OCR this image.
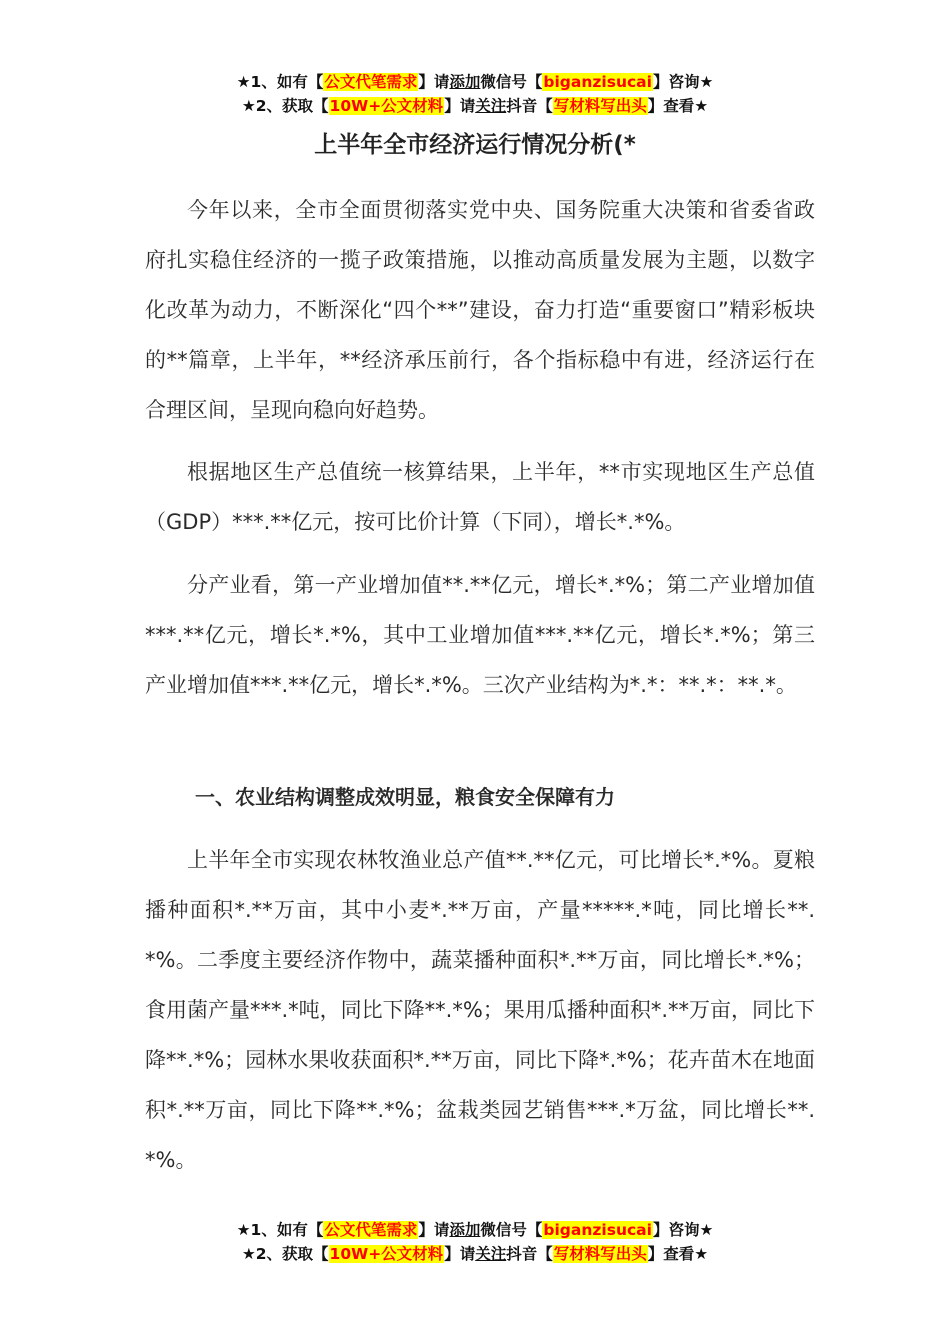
★1、如有【公文代笔需求】请添加微信号【biganzisucai】咨询★
★2、获取【10W+公文材料】请关注抖音【写材料写出头】查看★
上半年全市经济运行情况分析(*

今年以来，全市全面贯彻落实党中央、国务院重大决策和省委省政府扎实稳住经济的一揽子政策措施，以推动高质量发展为主题，以数字化改革为动力，不断深化“四个**”建设，奋力打造“重要窗口”精彩板块的**篇章，上半年，**经济承压前行，各个指标稳中有进，经济运行在合理区间，呈现向稳向好趋势。

根据地区生产总值统一核算结果，上半年，**市实现地区生产总值（GDP）***.**亿元，按可比价计算（下同），增长*.*%。

分产业看，第一产业增加值**.**亿元，增长*.*%；第二产业增加值***.**亿元，增长*.*%，其中工业增加值***.**亿元，增长*.*%；第三产业增加值***.**亿元，增长*.*%。三次产业结构为*.*：**.*：**.*。

一、农业结构调整成效明显，粮食安全保障有力

上半年全市实现农林牧渔业总产值**.**亿元，可比增长*.*%。夏粮播种面积*.**万亩，其中小麦*.**万亩，产量*****.*吨，同比增长**.*%。二季度主要经济作物中，蔬菜播种面积*.**万亩，同比增长*.*%；食用菌产量***.*吨，同比下降**.*%；果用瓜播种面积*.**万亩，同比下降**.*%；园林水果收获面积*.**万亩，同比下降*.*%；花卉苗木在地面积*.**万亩，同比下降**.*%；盆栽类园艺销售***.*万盆，同比增长**.*%。

★1、如有【公文代笔需求】请添加微信号【biganzisucai】咨询★
★2、获取【10W+公文材料】请关注抖音【写材料写出头】查看★
